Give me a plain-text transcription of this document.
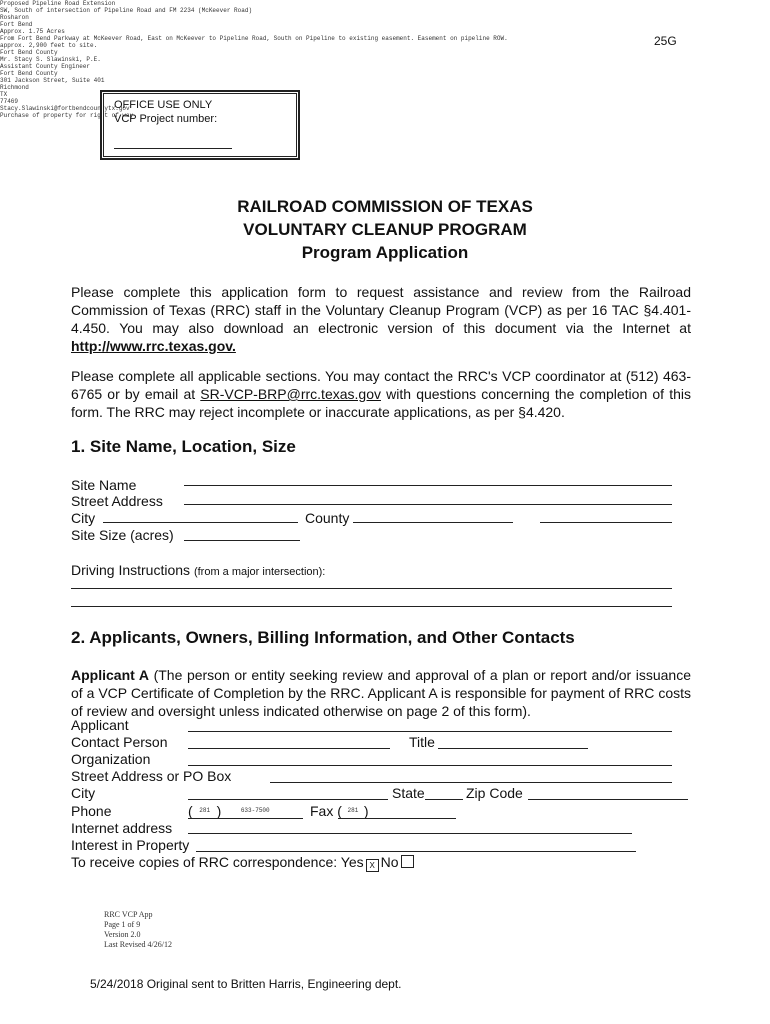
25G
OFFICE USE ONLY
VCP Project number:
RAILROAD COMMISSION OF TEXAS
VOLUNTARY CLEANUP PROGRAM
Program Application
Please complete this application form to request assistance and review from the Railroad Commission of Texas (RRC) staff in the Voluntary Cleanup Program (VCP) as per 16 TAC §4.401-4.450. You may also download an electronic version of this document via the Internet at http://www.rrc.texas.gov.
Please complete all applicable sections. You may contact the RRC's VCP coordinator at (512) 463-6765 or by email at SR-VCP-BRP@rrc.texas.gov with questions concerning the completion of this form. The RRC may reject incomplete or inaccurate applications, as per §4.420.
1. Site Name, Location, Size
Site Name
Proposed Pipeline Road Extension
Street Address
SW, South of intersection of Pipeline Road and FM 2234 (McKeever Road)
City
Rosharon
County
Fort Bend
Site Size (acres)
Approx. 1.75 Acres
Driving Instructions (from a major intersection):
From Fort Bend Parkway at McKeever Road, East on McKeever to Pipeline Road, South on Pipeline to existing easement. Easement on pipeline ROW.
approx. 2,900 feet to site.
2. Applicants, Owners, Billing Information, and Other Contacts
Applicant A (The person or entity seeking review and approval of a plan or report and/or issuance of a VCP Certificate of Completion by the RRC. Applicant A is responsible for payment of RRC costs of review and oversight unless indicated otherwise on page 2 of this form).
Applicant
Fort Bend County
Contact Person
Mr. Stacy S. Slawinski, P.E.
Title
Assistant County Engineer
Organization
Fort Bend County
Street Address or PO Box
301 Jackson Street, Suite 401
City
Richmond
State
TX
Zip Code
77469
Phone	( 281 )	633-7500	Fax ( 281 )
Internet address
Stacy.Slawinski@fortbendcountytx.gov
Interest in Property
Purchase of property for right of way
To receive copies of RRC correspondence: Yes X No
RRC VCP App
Page 1 of 9
Version 2.0
Last Revised 4/26/12
5/24/2018 Original sent to Britten Harris, Engineering dept.
